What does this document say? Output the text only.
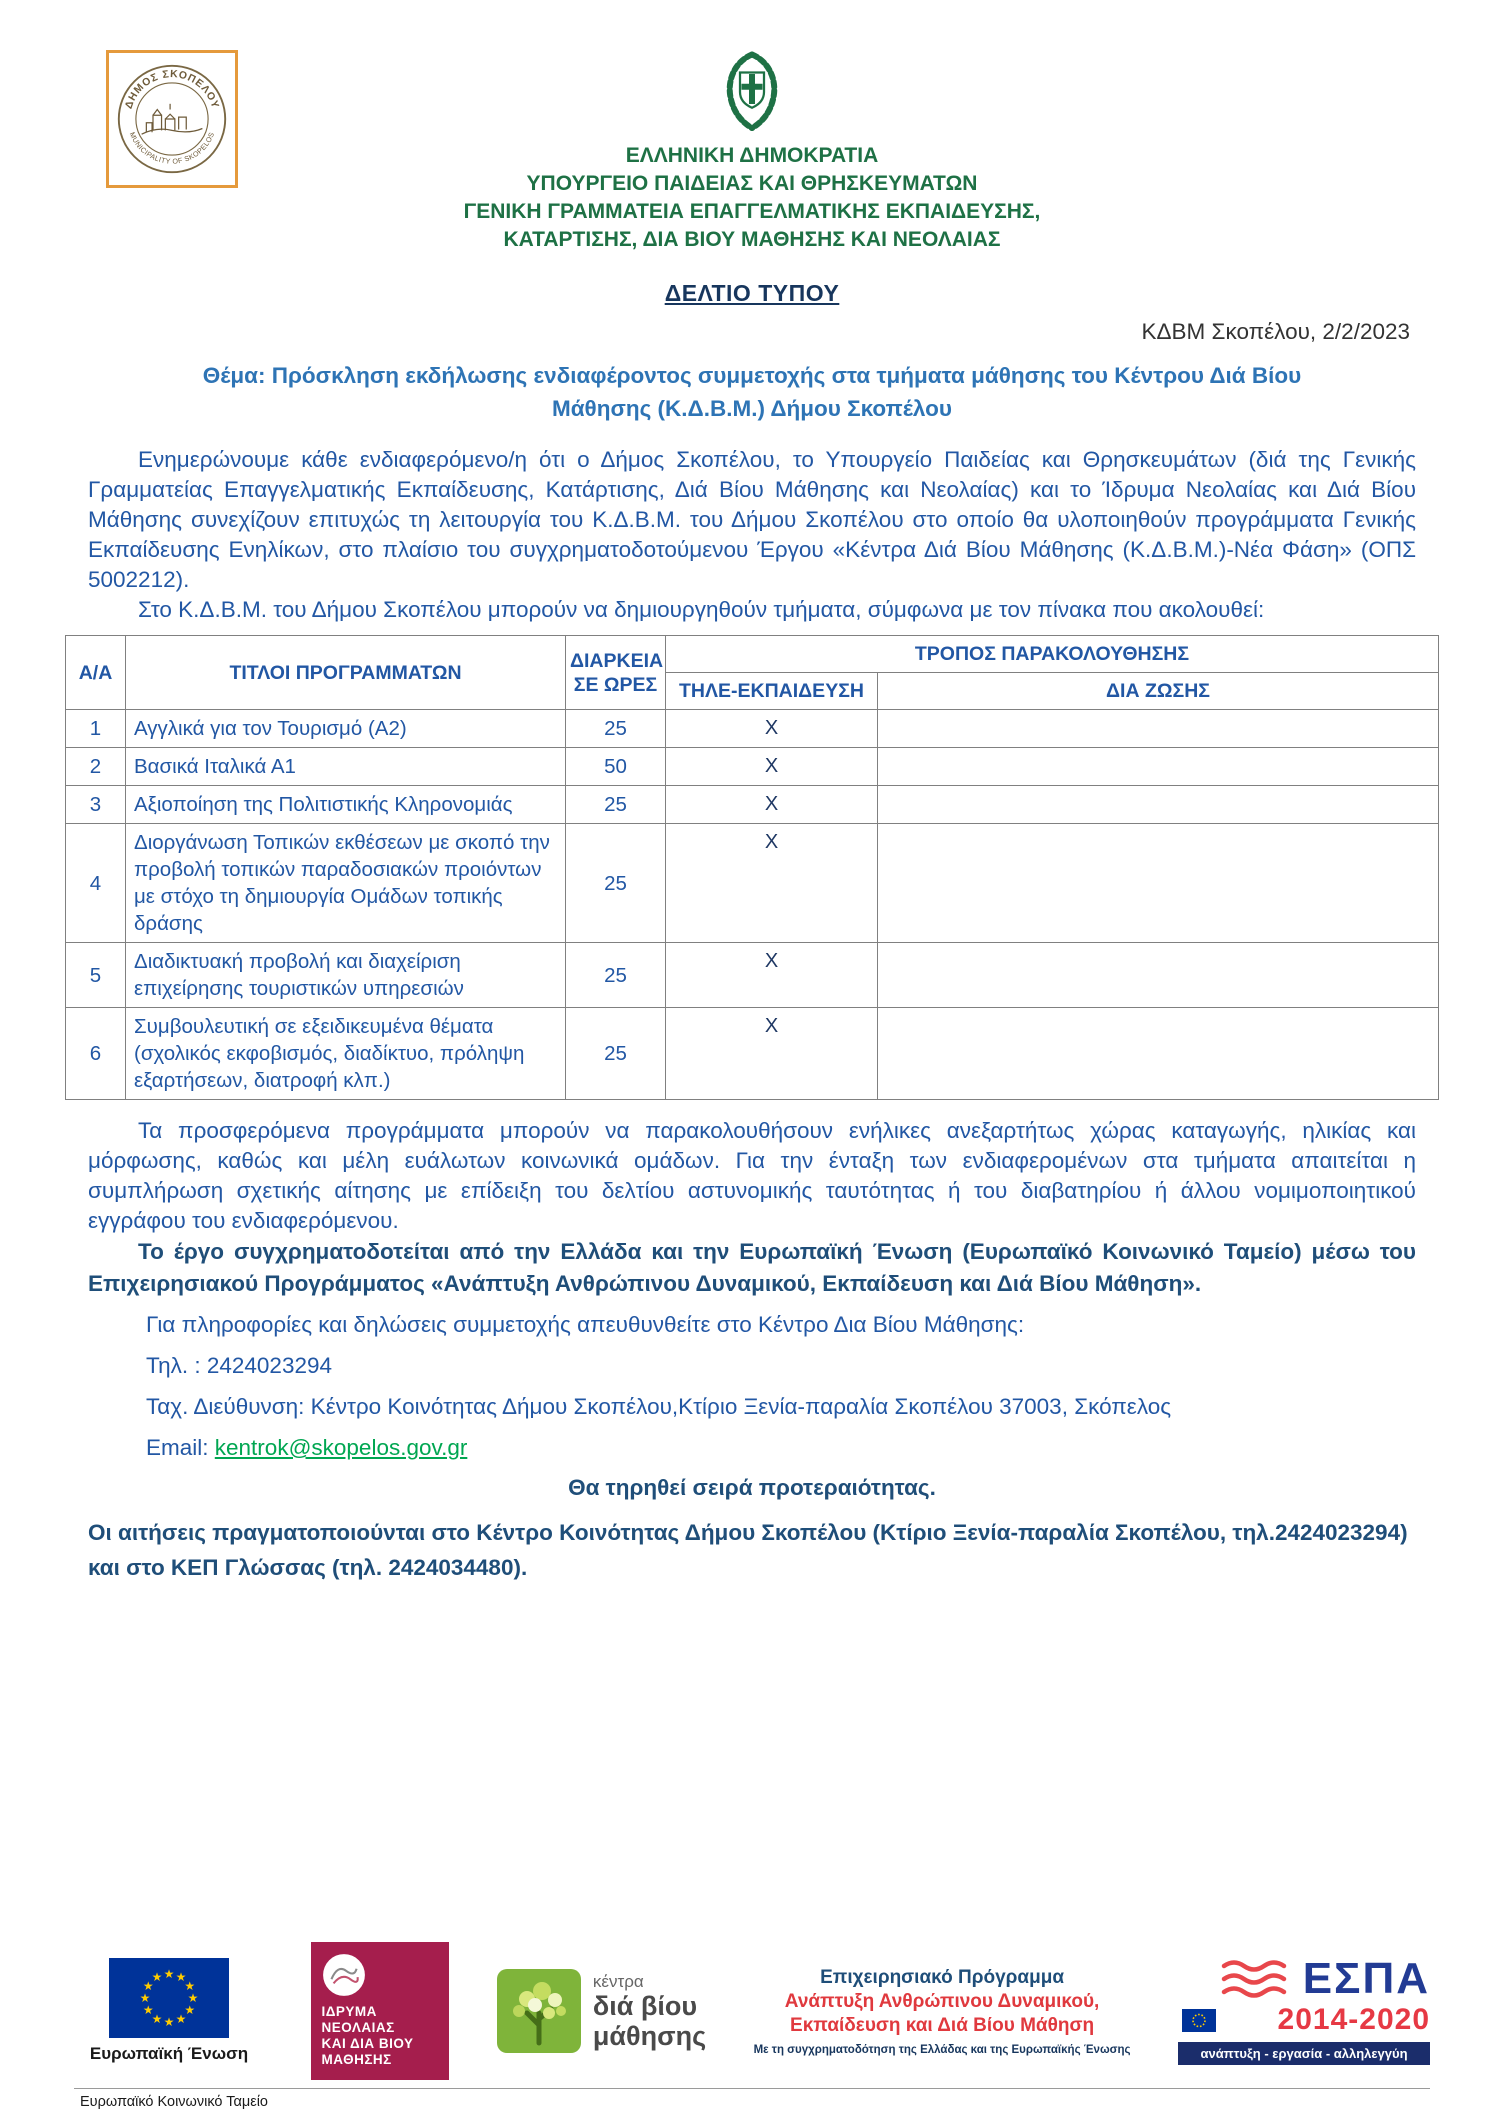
ΔΗΜΟΣ ΣΚΟΠΕΛΟΥ
MUNICIPALITY OF SKOPELOS
ΕΛΛΗΝΙΚΗ ΔΗΜΟΚΡΑΤΙΑ
ΥΠΟΥΡΓΕΙΟ ΠΑΙΔΕΙΑΣ ΚΑΙ ΘΡΗΣΚΕΥΜΑΤΩΝ
ΓΕΝΙΚΗ ΓΡΑΜΜΑΤΕΙΑ ΕΠΑΓΓΕΛΜΑΤΙΚΗΣ ΕΚΠΑΙΔΕΥΣΗΣ,
ΚΑΤΑΡΤΙΣΗΣ, ΔΙΑ ΒΙΟΥ ΜΑΘΗΣΗΣ ΚΑΙ ΝΕΟΛΑΙΑΣ
ΔΕΛΤΙΟ ΤΥΠΟΥ
ΚΔΒΜ Σκοπέλου, 2/2/2023
Θέμα: Πρόσκληση εκδήλωσης ενδιαφέροντος συμμετοχής στα τμήματα μάθησης του Κέντρου Διά Βίου
Μάθησης (Κ.Δ.Β.Μ.) Δήμου Σκοπέλου

Ενημερώνουμε κάθε ενδιαφερόμενο/η ότι ο Δήμος Σκοπέλου, το Υπουργείο Παιδείας και Θρησκευμάτων (διά της Γενικής Γραμματείας Επαγγελματικής Εκπαίδευσης, Κατάρτισης, Διά Βίου Μάθησης και Νεολαίας) και το Ίδρυμα Νεολαίας και Διά Βίου Μάθησης συνεχίζουν επιτυχώς τη λειτουργία του Κ.Δ.Β.Μ. του Δήμου Σκοπέλου στο οποίο θα υλοποιηθούν προγράμματα Γενικής Εκπαίδευσης Ενηλίκων, στο πλαίσιο του συγχρηματοδοτούμενου Έργου «Κέντρα Διά Βίου Μάθησης (Κ.Δ.Β.Μ.)-Νέα Φάση» (ΟΠΣ 5002212).

Στο Κ.Δ.Β.Μ. του Δήμου Σκοπέλου μπορούν να δημιουργηθούν τμήματα, σύμφωνα με τον πίνακα που ακολουθεί:

Α/Α	ΤΙΤΛΟΙ ΠΡΟΓΡΑΜΜΑΤΩΝ	ΔΙΑΡΚΕΙΑ
ΣΕ ΩΡΕΣ	ΤΡΟΠΟΣ ΠΑΡΑΚΟΛΟΥΘΗΣΗΣ	
			ΤΗΛΕ-ΕΚΠΑΙΔΕΥΣΗ	ΔΙΑ ΖΩΣΗΣ
1	Αγγλικά για τον Τουρισμό (Α2)	25	X	
2	Βασικά Ιταλικά Α1	50	X	
3	Αξιοποίηση της Πολιτιστικής Κληρονομιάς	25	X	
4	Διοργάνωση Τοπικών εκθέσεων με σκοπό την προβολή τοπικών παραδοσιακών προιόντων με στόχο τη δημιουργία Ομάδων τοπικής δράσης	25	X	
5	Διαδικτυακή προβολή και διαχείριση επιχείρησης τουριστικών υπηρεσιών	25	X	
6	Συμβουλευτική σε εξειδικευμένα θέματα (σχολικός εκφοβισμός, διαδίκτυο, πρόληψη εξαρτήσεων, διατροφή κλπ.)	25	X	

Τα προσφερόμενα προγράμματα μπορούν να παρακολουθήσουν ενήλικες ανεξαρτήτως χώρας καταγωγής, ηλικίας και μόρφωσης, καθώς και μέλη ευάλωτων κοινωνικά ομάδων. Για την ένταξη των ενδιαφερομένων στα τμήματα απαιτείται η συμπλήρωση σχετικής αίτησης με επίδειξη του δελτίου αστυνομικής ταυτότητας ή του διαβατηρίου ή άλλου νομιμοποιητικού εγγράφου του ενδιαφερόμενου.

Το έργο συγχρηματοδοτείται από την Ελλάδα και την Ευρωπαϊκή Ένωση (Ευρωπαϊκό Κοινωνικό Ταμείο) μέσω του Επιχειρησιακού Προγράμματος «Ανάπτυξη Ανθρώπινου Δυναμικού, Εκπαίδευση και Διά Βίου Μάθηση».

Για πληροφορίες και δηλώσεις συμμετοχής απευθυνθείτε στο Κέντρο Δια Βίου Μάθησης:

Τηλ. : 2424023294

Ταχ. Διεύθυνση: Κέντρο Κοινότητας Δήμου Σκοπέλου,Κτίριο Ξενία-παραλία Σκοπέλου 37003, Σκόπελος

Email: kentrok@skopelos.gov.gr

Θα τηρηθεί σειρά προτεραιότητας.

Οι αιτήσεις πραγματοποιούνται στο Κέντρο Κοινότητας Δήμου Σκοπέλου (Κτίριο Ξενία-παραλία Σκοπέλου, τηλ.2424023294) και στο ΚΕΠ Γλώσσας (τηλ. 2424034480).

★ ★
★
★
★
★
★
★
★
★
★
★
Ευρωπαϊκή Ένωση
ΙΔΡΥΜΑ
ΝΕΟΛΑΙΑΣ
ΚΑΙ ΔΙΑ ΒΙΟΥ
ΜΑΘΗΣΗΣ
κέντρα
διά βίου
μάθησης
Επιχειρησιακό Πρόγραμμα
Ανάπτυξη Ανθρώπινου Δυναμικού,
Εκπαίδευση και Διά Βίου Μάθηση
Με τη συγχρηματοδότηση της Ελλάδας και της Ευρωπαϊκής Ένωσης
ΕΣΠΑ
2014-2020
ανάπτυξη - εργασία - αλληλεγγύη
Ευρωπαϊκό Κοινωνικό Ταμείο
